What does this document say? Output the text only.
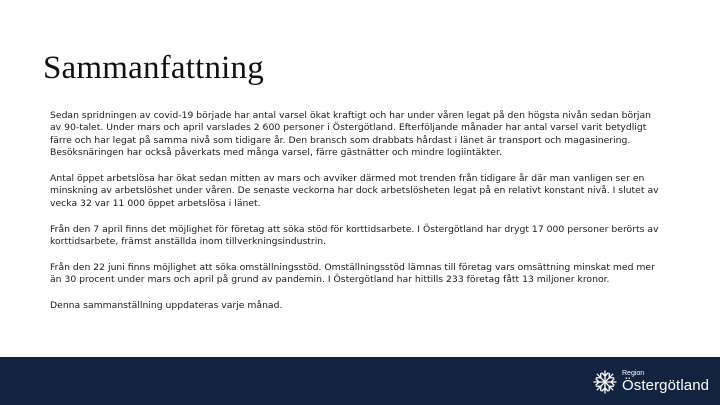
Sammanfattning

Sedan spridningen av covid-19 började har antal varsel ökat kraftigt och har under våren legat på den högsta nivån sedan början av 90-talet. Under mars och april varslades 2 600 personer i Östergötland. Efterföljande månader har antal varsel varit betydligt färre och har legat på samma nivå som tidigare år. Den bransch som drabbats hårdast i länet är transport och magasinering. Besöksnäringen har också påverkats med många varsel, färre gästnätter och mindre logiintäkter.

Antal öppet arbetslösa har ökat sedan mitten av mars och avviker därmed mot trenden från tidigare år där man vanligen ser en minskning av arbetslöshet under våren. De senaste veckorna har dock arbetslösheten legat på en relativt konstant nivå. I slutet av vecka 32 var 11 000 öppet arbetslösa i länet.

Från den 7 april finns det möjlighet för företag att söka stöd för korttidsarbete. I Östergötland har drygt 17 000 personer berörts av korttidsarbete, främst anställda inom tillverkningsindustrin.

Från den 22 juni finns möjlighet att söka omställningsstöd. Omställningsstöd lämnas till företag vars omsättning minskat med mer än 30 procent under mars och april på grund av pandemin. I Östergötland har hittills 233 företag fått 13 miljoner kronor.

Denna sammanställning uppdateras varje månad.

Region
Östergötland
